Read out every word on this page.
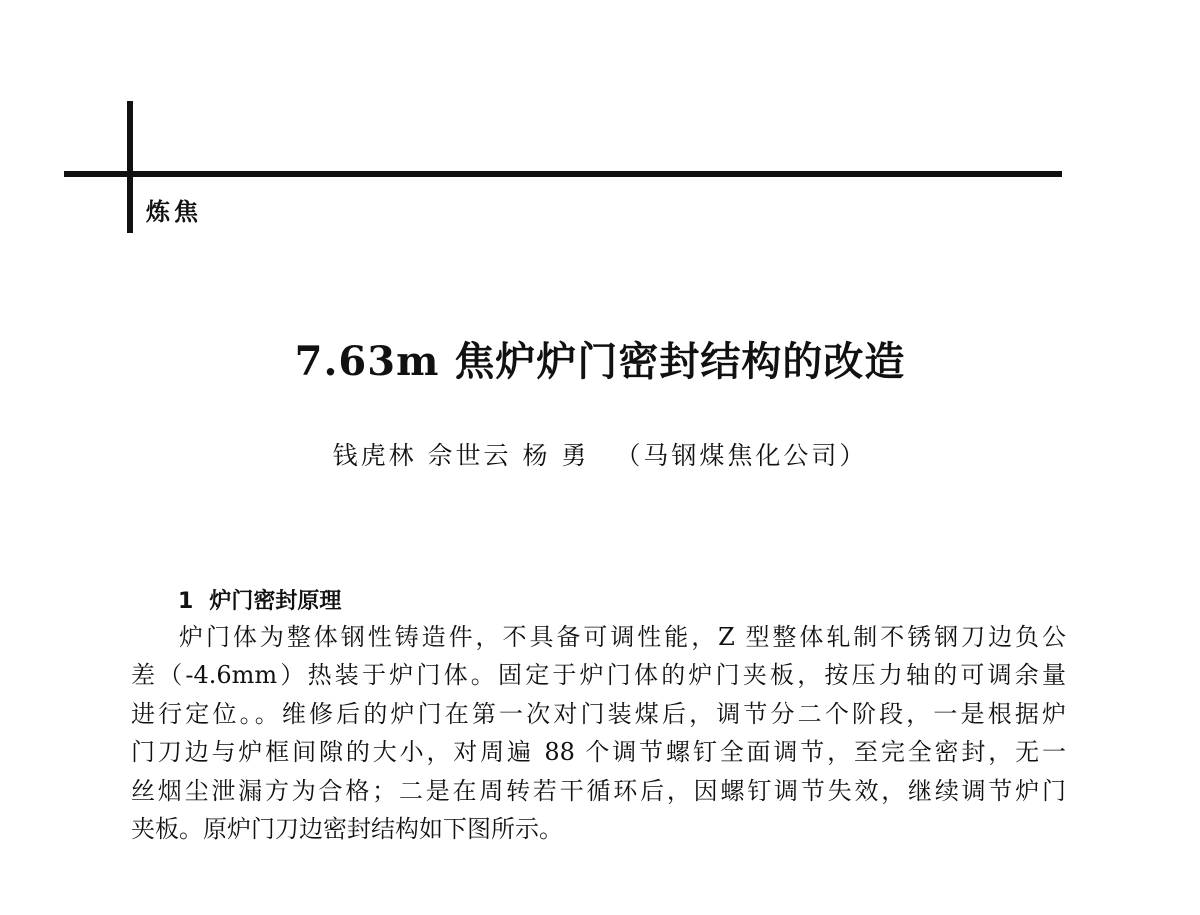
炼焦
7.63m 焦炉炉门密封结构的改造
钱虎林 佘世云 杨 勇 （马钢煤焦化公司）
1 炉门密封原理
炉门体为整体钢性铸造件，不具备可调性能，Z 型整体轧制不锈钢刀边负公
差（-4.6mm）热装于炉门体。固定于炉门体的炉门夹板，按压力轴的可调余量
进行定位。。维修后的炉门在第一次对门装煤后，调节分二个阶段，一是根据炉
门刀边与炉框间隙的大小，对周遍 88 个调节螺钉全面调节，至完全密封，无一
丝烟尘泄漏方为合格；二是在周转若干循环后，因螺钉调节失效，继续调节炉门
夹板。原炉门刀边密封结构如下图所示。
